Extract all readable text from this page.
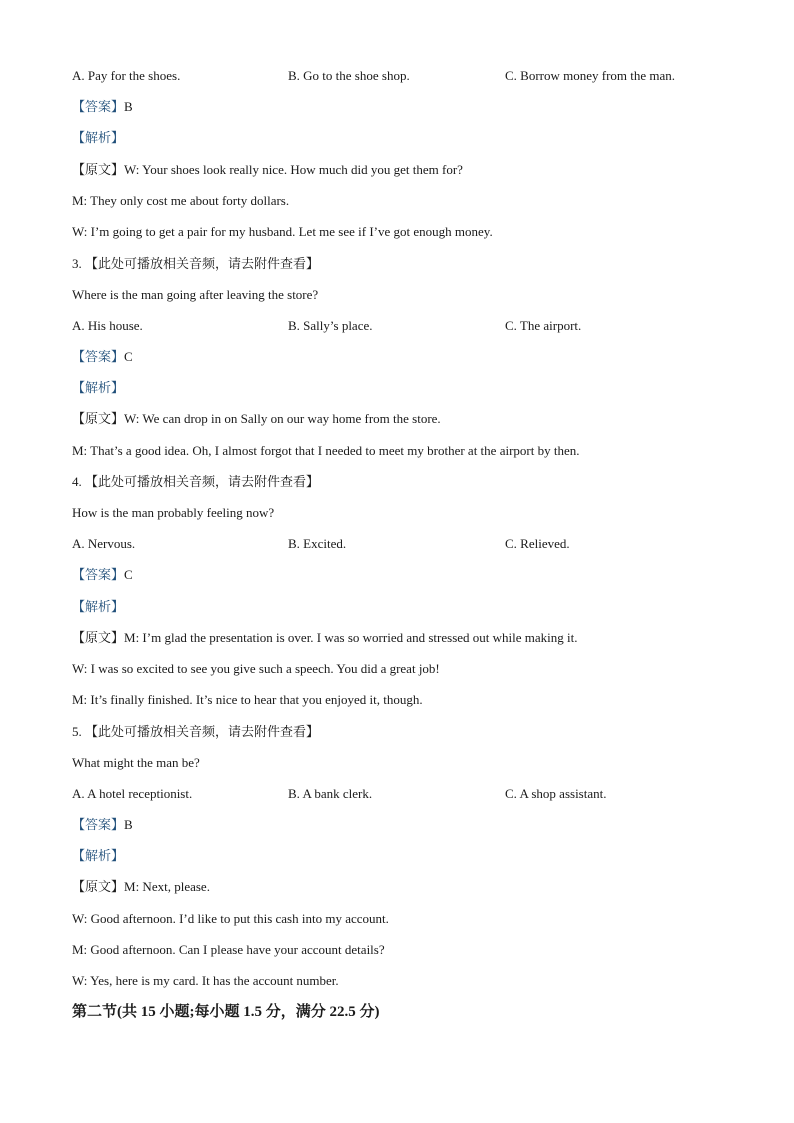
A. Pay for the shoes.	B. Go to the shoe shop.	C. Borrow money from the man.
【答案】B
【解析】
【原文】W: Your shoes look really nice. How much did you get them for?
M: They only cost me about forty dollars.
W: I’m going to get a pair for my husband. Let me see if I’ve got enough money.
3. 【此处可播放相关音频，请去附件查看】
Where is the man going after leaving the store?
A. His house.	B. Sally’s place.	C. The airport.
【答案】C
【解析】
【原文】W: We can drop in on Sally on our way home from the store.
M: That’s a good idea. Oh, I almost forgot that I needed to meet my brother at the airport by then.
4. 【此处可播放相关音频，请去附件查看】
How is the man probably feeling now?
A. Nervous.	B. Excited.	C. Relieved.
【答案】C
【解析】
【原文】M: I’m glad the presentation is over. I was so worried and stressed out while making it.
W: I was so excited to see you give such a speech. You did a great job!
M: It’s finally finished. It’s nice to hear that you enjoyed it, though.
5. 【此处可播放相关音频，请去附件查看】
What might the man be?
A. A hotel receptionist.	B. A bank clerk.	C. A shop assistant.
【答案】B
【解析】
【原文】M: Next, please.
W: Good afternoon. I’d like to put this cash into my account.
M: Good afternoon. Can I please have your account details?
W: Yes, here is my card. It has the account number.
第二节(共 15 小题;每小题 1.5 分，满分 22.5 分)
